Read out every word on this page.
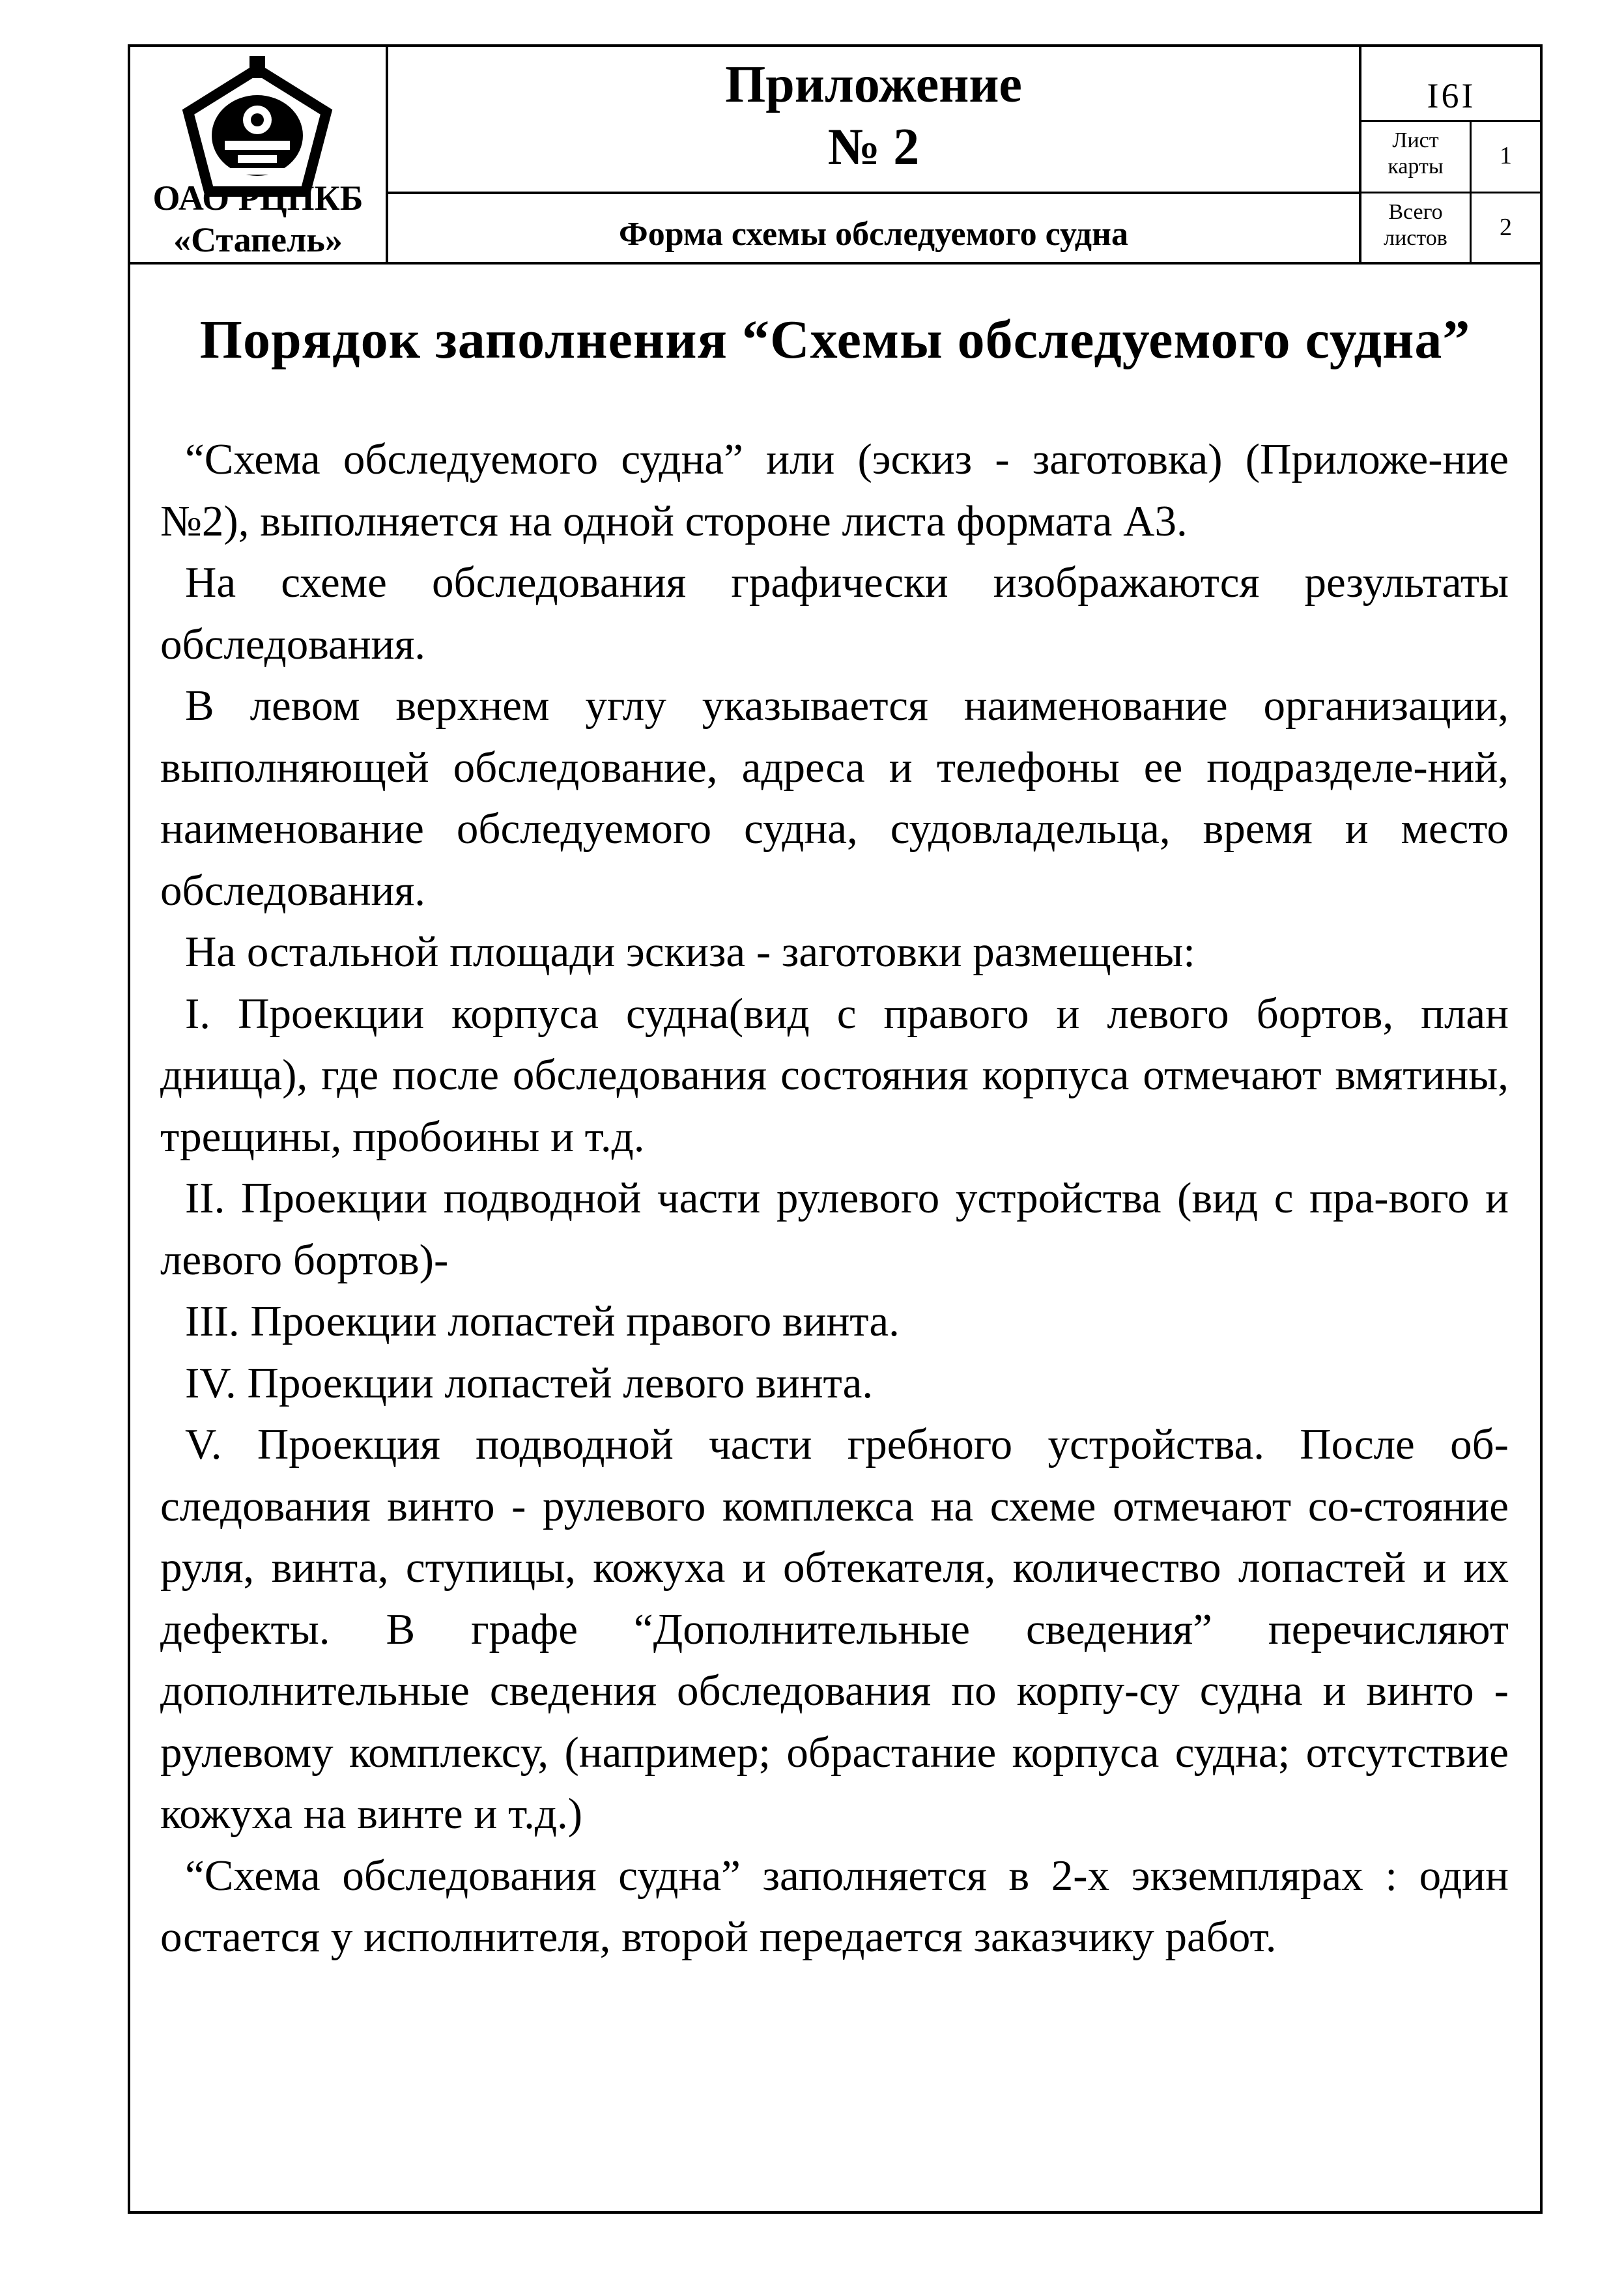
ОАО РЦПКБ
«Стапель»
Приложение
№ 2
Форма схемы обследуемого судна
I6I
Лист
карты	1
Всего
листов	2
Порядок заполнения “Схемы обследуемого судна”

“Схема обследуемого судна” или (эскиз - заготовка) (Приложе-ние №2), выполняется на одной стороне листа формата А3.

На схеме обследования графически изображаются результаты обследования.

В левом верхнем углу указывается наименование организации, выполняющей обследование, адреса и телефоны ее подразделе-ний, наименование обследуемого судна, судовладельца, время и место обследования.

На остальной площади эскиза - заготовки размещены:

I. Проекции корпуса судна(вид с правого и левого бортов, план днища), где после обследования состояния корпуса отмечают вмятины, трещины, пробоины и т.д.

II. Проекции подводной части рулевого устройства (вид с пра-вого и левого бортов)-

III. Проекции лопастей правого винта.

IV. Проекции лопастей левого винта.

V. Проекция подводной части гребного устройства. После об-следования винто - рулевого комплекса на схеме отмечают со-стояние руля, винта, ступицы, кожуха и обтекателя, количество лопастей и их дефекты. В графе “Дополнительные сведения” перечисляют дополнительные сведения обследования по корпу-су судна и винто - рулевому комплексу, (например; обрастание корпуса судна; отсутствие кожуха на винте и т.д.)

“Схема обследования судна” заполняется в 2-х экземплярах : один остается у исполнителя, второй передается заказчику работ.
